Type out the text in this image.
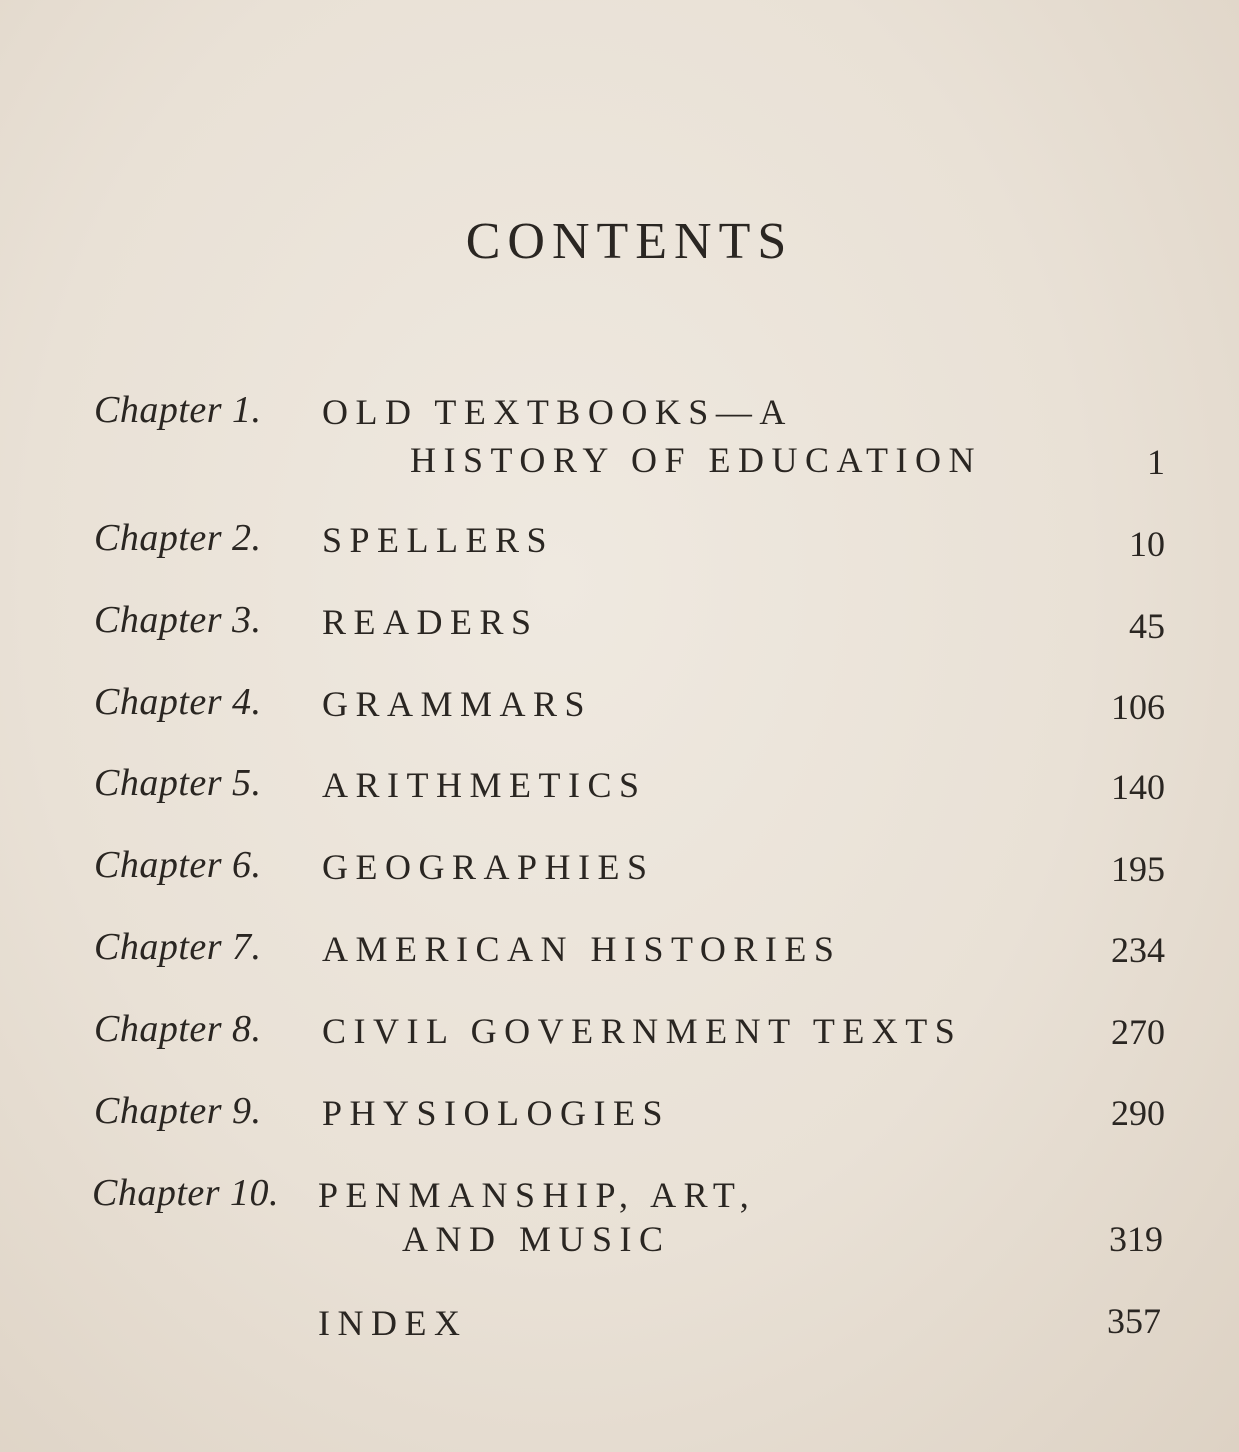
CONTENTS
Chapter 1. OLD TEXTBOOKS—A
HISTORY OF EDUCATION	1
Chapter 2. SPELLERS	10
Chapter 3. READERS	45
Chapter 4. GRAMMARS	106
Chapter 5. ARITHMETICS	140
Chapter 6. GEOGRAPHIES	195
Chapter 7. AMERICAN HISTORIES	234
Chapter 8. CIVIL GOVERNMENT TEXTS	270
Chapter 9. PHYSIOLOGIES	290
Chapter 10. PENMANSHIP, ART,
AND MUSIC	319
INDEX	357
